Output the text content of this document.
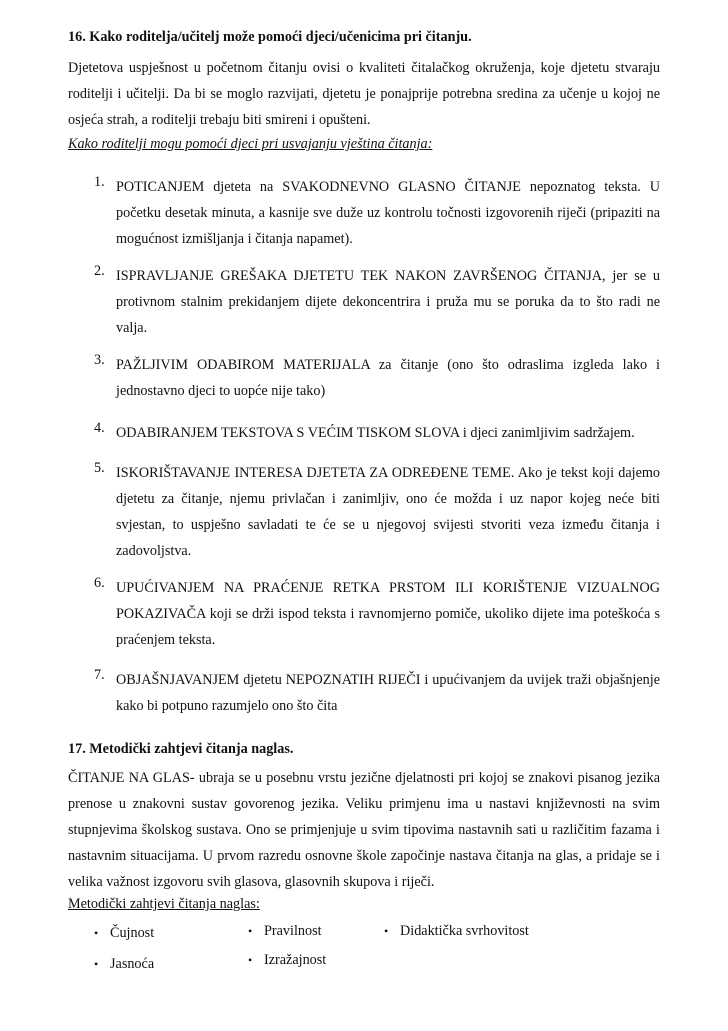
16. Kako roditelja/učitelj može pomoći djeci/učenicima pri čitanju.
Djetetova uspješnost u početnom čitanju ovisi o kvaliteti čitalačkog okruženja, koje djetetu stvaraju roditelji i učitelji. Da bi se moglo razvijati, djetetu je ponajprije potrebna sredina za učenje u kojoj ne osjeća strah, a roditelji trebaju biti smireni i opušteni.
Kako roditelji mogu pomoći djeci pri usvajanju vještina čitanja:
1. POTICANJEM djeteta na SVAKODNEVNO GLASNO ČITANJE nepoznatog teksta. U početku desetak minuta, a kasnije sve duže uz kontrolu točnosti izgovorenih riječi (pripaziti na mogućnost izmišljanja i čitanja napamet).
2. ISPRAVLJANJE GREŠAKA DJETETU TEK NAKON ZAVRŠENOG ČITANJA, jer se u protivnom stalnim prekidanjem dijete dekoncentrira i pruža mu se poruka da to što radi ne valja.
3. PAŽLJIVIM ODABIROM MATERIJALA za čitanje (ono što odraslima izgleda lako i jednostavno djeci to uopće nije tako)
4. ODABIRANJEM TEKSTOVA S VEĆIM TISKOM SLOVA i djeci zanimljivim sadržajem.
5. ISKORIŠTAVANJE INTERESA DJETETA ZA ODREĐENE TEME. Ako je tekst koji dajemo djetetu za čitanje, njemu privlačan i zanimljiv, ono će možda i uz napor kojeg neće biti svjestan, to uspješno savladati te će se u njegovoj svijesti stvoriti veza između čitanja i zadovoljstva.
6. UPUĆIVANJEM NA PRAĆENJE RETKA PRSTOM ILI KORIŠTENJE VIZUALNOG POKAZIVAČA koji se drži ispod teksta i ravnomjerno pomiče, ukoliko dijete ima poteškoća s praćenjem teksta.
7. OBJAŠNJAVANJEM djetetu NEPOZNATIH RIJEČI i upućivanjem da uvijek traži objašnjenje kako bi potpuno razumjelo ono što čita
17. Metodički zahtjevi čitanja naglas.
ČITANJE NA GLAS- ubraja se u posebnu vrstu jezične djelatnosti pri kojoj se znakovi pisanog jezika prenose u znakovni sustav govorenog jezika. Veliku primjenu ima u nastavi književnosti na svim stupnjevima školskog sustava. Ono se primjenjuje u svim tipovima nastavnih sati u različitim fazama i nastavnim situacijama. U prvom razredu osnovne škole započinje nastava čitanja na glas, a pridaje se i velika važnost izgovoru svih glasova, glasovnih skupova i riječi.
Metodički zahtjevi čitanja naglas:
• Čujnost	• Pravilnost	• Didaktička svrhovitost
• Jasnoća	• Izražajnost
